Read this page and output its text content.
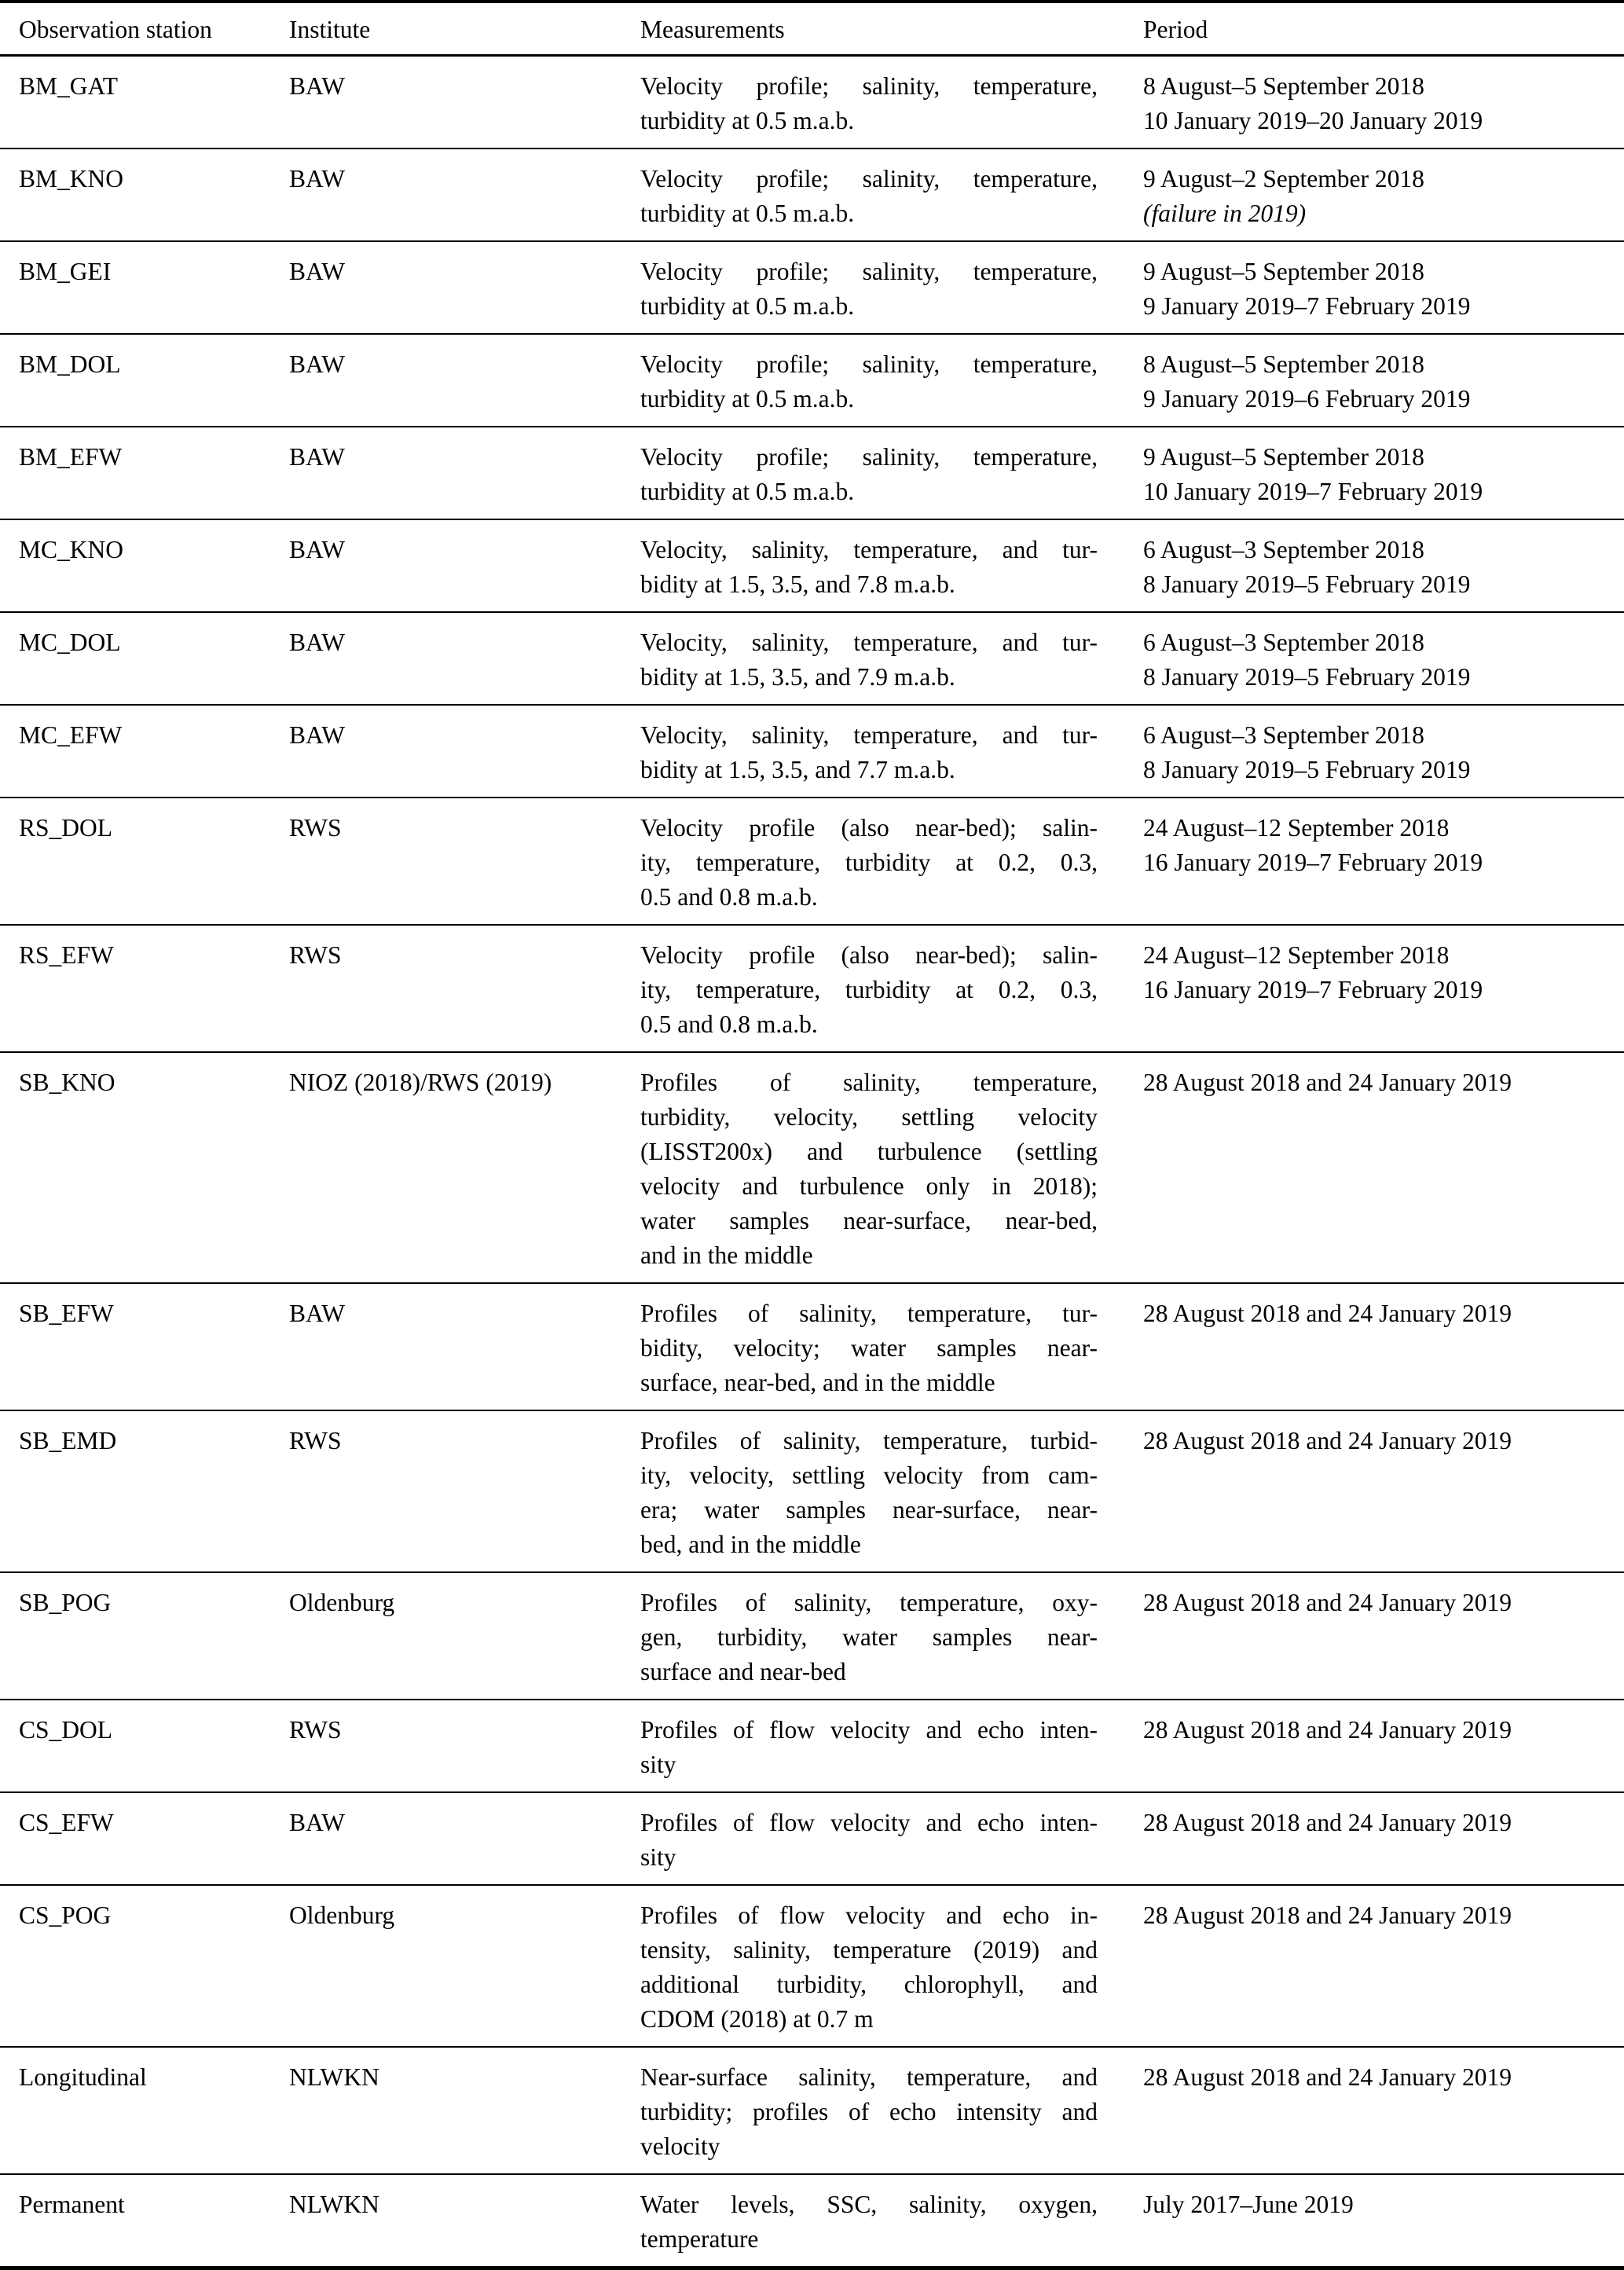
Observation station	Institute	Measurements	Period
BM_GAT	BAW	Velocity profile; salinity, temperature,
turbidity at 0.5 m.a.b.	8 August–5 September 2018
10 January 2019–20 January 2019

BM_KNO	BAW	Velocity profile; salinity, temperature,
turbidity at 0.5 m.a.b.	9 August–2 September 2018
(failure in 2019)

BM_GEI	BAW	Velocity profile; salinity, temperature,
turbidity at 0.5 m.a.b.	9 August–5 September 2018
9 January 2019–7 February 2019

BM_DOL	BAW	Velocity profile; salinity, temperature,
turbidity at 0.5 m.a.b.	8 August–5 September 2018
9 January 2019–6 February 2019

BM_EFW	BAW	Velocity profile; salinity, temperature,
turbidity at 0.5 m.a.b.	9 August–5 September 2018
10 January 2019–7 February 2019

MC_KNO	BAW	Velocity, salinity, temperature, and tur-
bidity at 1.5, 3.5, and 7.8 m.a.b.	6 August–3 September 2018
8 January 2019–5 February 2019

MC_DOL	BAW	Velocity, salinity, temperature, and tur-
bidity at 1.5, 3.5, and 7.9 m.a.b.	6 August–3 September 2018
8 January 2019–5 February 2019

MC_EFW	BAW	Velocity, salinity, temperature, and tur-
bidity at 1.5, 3.5, and 7.7 m.a.b.	6 August–3 September 2018
8 January 2019–5 February 2019

RS_DOL	RWS	Velocity profile (also near-bed); salin-
ity, temperature, turbidity at 0.2, 0.3,
0.5 and 0.8 m.a.b.	24 August–12 September 2018
16 January 2019–7 February 2019

RS_EFW	RWS	Velocity profile (also near-bed); salin-
ity, temperature, turbidity at 0.2, 0.3,
0.5 and 0.8 m.a.b.	24 August–12 September 2018
16 January 2019–7 February 2019

SB_KNO	NIOZ (2018)/RWS (2019)	Profiles of salinity, temperature,
turbidity, velocity, settling velocity
(LISST200x) and turbulence (settling
velocity and turbulence only in 2018);
water samples near-surface, near-bed,
and in the middle

28 August 2018 and 24 January 2019

SB_EFW	BAW	Profiles of salinity, temperature, tur-
bidity, velocity; water samples near-
surface, near-bed, and in the middle	28 August 2018 and 24 January 2019

SB_EMD	RWS	Profiles of salinity, temperature, turbid-
ity, velocity, settling velocity from cam-
era; water samples near-surface, near-
bed, and in the middle	28 August 2018 and 24 January 2019

SB_POG	Oldenburg	Profiles of salinity, temperature, oxy-
gen, turbidity, water samples near-
surface and near-bed	28 August 2018 and 24 January 2019

CS_DOL	RWS	Profiles of flow velocity and echo inten-
sity	28 August 2018 and 24 January 2019

CS_EFW	BAW	Profiles of flow velocity and echo inten-
sity	28 August 2018 and 24 January 2019

CS_POG	Oldenburg	Profiles of flow velocity and echo in-
tensity, salinity, temperature (2019) and
additional turbidity, chlorophyll, and
CDOM (2018) at 0.7 m	28 August 2018 and 24 January 2019

Longitudinal	NLWKN	Near-surface salinity, temperature, and
turbidity; profiles of echo intensity and
velocity	28 August 2018 and 24 January 2019

Permanent	NLWKN	Water levels, SSC, salinity, oxygen,
temperature	July 2017–June 2019
